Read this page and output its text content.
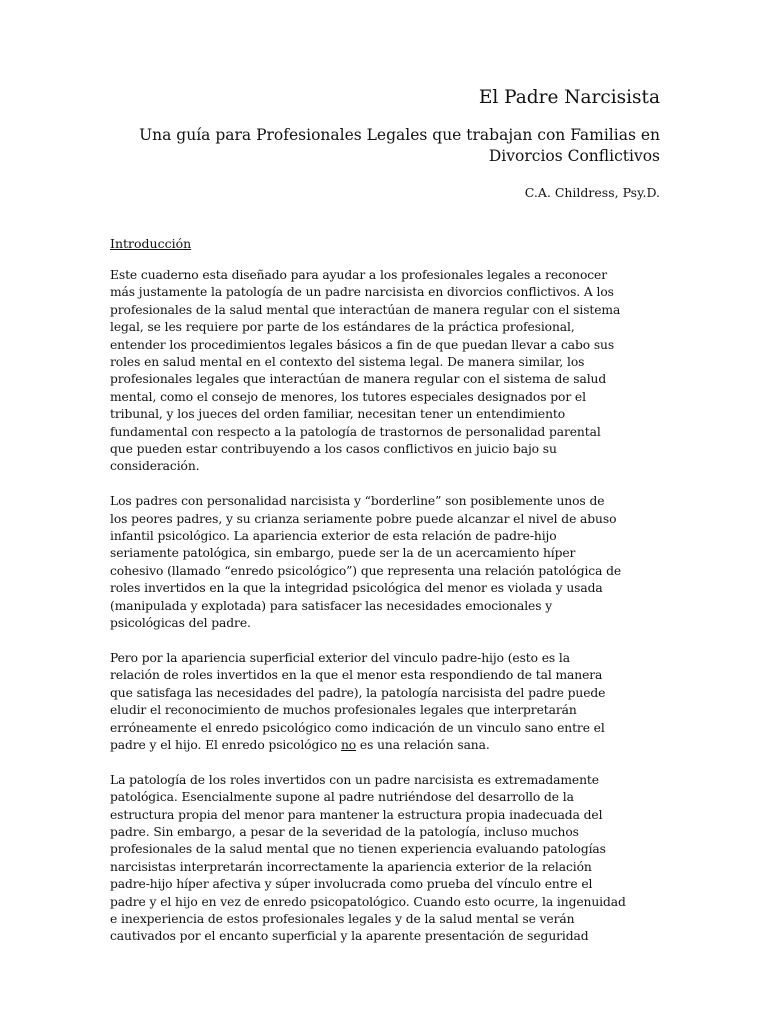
El Padre Narcisista
Una guía para Profesionales Legales que trabajan con Familias en
Divorcios Conflictivos
C.A. Childress, Psy.D.
Introducción
Este cuaderno esta diseñado para ayudar a los profesionales legales a reconocer
más justamente la patología de un padre narcisista en divorcios conflictivos. A los
profesionales de la salud mental que interactúan de manera regular con el sistema
legal, se les requiere por parte de los estándares de la práctica profesional,
entender los procedimientos legales básicos a fin de que puedan llevar a cabo sus
roles en salud mental en el contexto del sistema legal. De manera similar, los
profesionales legales que interactúan de manera regular con el sistema de salud
mental, como el consejo de menores, los tutores especiales designados por el
tribunal, y los jueces del orden familiar, necesitan tener un entendimiento
fundamental con respecto a la patología de trastornos de personalidad parental
que pueden estar contribuyendo a los casos conflictivos en juicio bajo su
consideración.
Los padres con personalidad narcisista y “borderline” son posiblemente unos de
los peores padres, y su crianza seriamente pobre puede alcanzar el nivel de abuso
infantil psicológico. La apariencia exterior de esta relación de padre-hijo
seriamente patológica, sin embargo, puede ser la de un acercamiento híper
cohesivo (llamado “enredo psicológico”) que representa una relación patológica de
roles invertidos en la que la integridad psicológica del menor es violada y usada
(manipulada y explotada) para satisfacer las necesidades emocionales y
psicológicas del padre.
Pero por la apariencia superficial exterior del vinculo padre-hijo (esto es la
relación de roles invertidos en la que el menor esta respondiendo de tal manera
que satisfaga las necesidades del padre), la patología narcisista del padre puede
eludir el reconocimiento de muchos profesionales legales que interpretarán
erróneamente el enredo psicológico como indicación de un vinculo sano entre el
padre y el hijo. El enredo psicológico no es una relación sana.
La patología de los roles invertidos con un padre narcisista es extremadamente
patológica. Esencialmente supone al padre nutriéndose del desarrollo de la
estructura propia del menor para mantener la estructura propia inadecuada del
padre. Sin embargo, a pesar de la severidad de la patología, incluso muchos
profesionales de la salud mental que no tienen experiencia evaluando patologías
narcisistas interpretarán incorrectamente la apariencia exterior de la relación
padre-hijo híper afectiva y súper involucrada como prueba del vínculo entre el
padre y el hijo en vez de enredo psicopatológico. Cuando esto ocurre, la ingenuidad
e inexperiencia de estos profesionales legales y de la salud mental se verán
cautivados por el encanto superficial y la aparente presentación de seguridad
